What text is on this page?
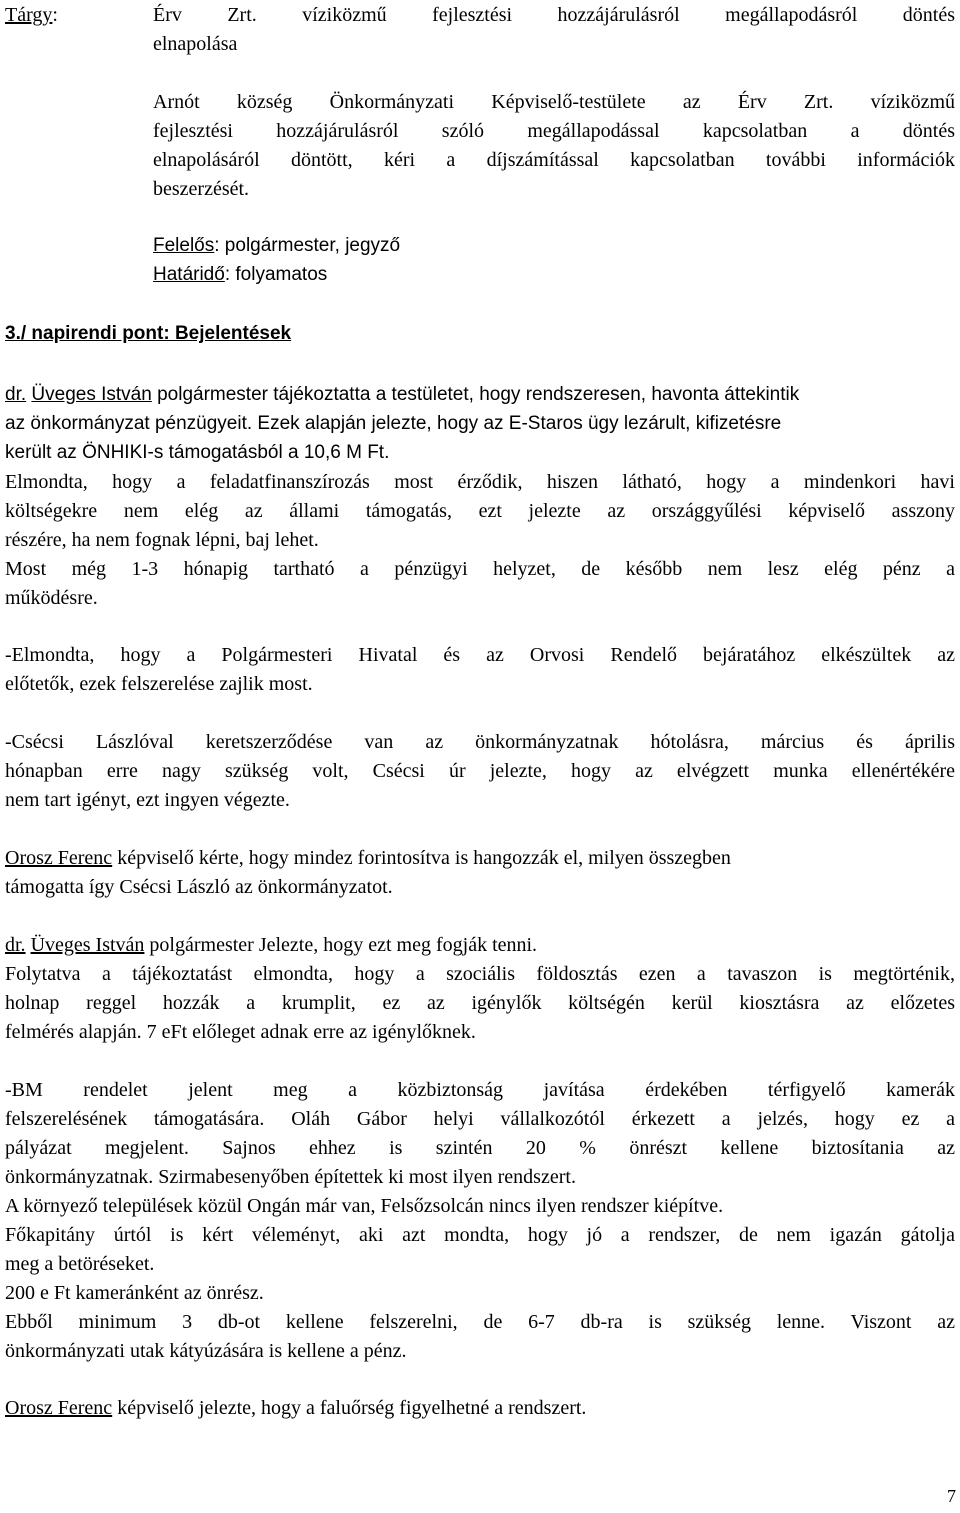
Tárgy:	Érv Zrt. víziközmű fejlesztési hozzájárulásról megállapodásról döntés
elnapolása
Arnót község Önkormányzati Képviselő-testülete az Érv Zrt. víziközmű
fejlesztési hozzájárulásról szóló megállapodással kapcsolatban a döntés
elnapolásáról döntött, kéri a díjszámítással kapcsolatban további információk
beszerzését.
Felelős: polgármester, jegyző
Határidő: folyamatos
3./ napirendi pont: Bejelentések
dr. Üveges István polgármester tájékoztatta a testületet, hogy rendszeresen, havonta áttekintik
az önkormányzat pénzügyeit. Ezek alapján jelezte, hogy az E-Staros ügy lezárult, kifizetésre
került az ÖNHIKI-s támogatásból a 10,6 M Ft.
Elmondta, hogy a feladatfinanszírozás most érződik, hiszen látható, hogy a mindenkori havi
költségekre nem elég az állami támogatás, ezt jelezte az országgyűlési képviselő asszony
részére, ha nem fognak lépni, baj lehet.
Most még 1-3 hónapig tartható a pénzügyi helyzet, de később nem lesz elég pénz a
működésre.
-Elmondta, hogy a Polgármesteri Hivatal és az Orvosi Rendelő bejáratához elkészültek az
előtetők, ezek felszerelése zajlik most.
-Csécsi Lászlóval keretszerződése van az önkormányzatnak hótolásra, március és április
hónapban erre nagy szükség volt, Csécsi úr jelezte, hogy az elvégzett munka ellenértékére
nem tart igényt, ezt ingyen végezte.
Orosz Ferenc képviselő kérte, hogy mindez forintosítva is hangozzák el, milyen összegben
támogatta így Csécsi László az önkormányzatot.
dr. Üveges István polgármester Jelezte, hogy ezt meg fogják tenni.
Folytatva a tájékoztatást elmondta, hogy a szociális földosztás ezen a tavaszon is megtörténik,
holnap reggel hozzák a krumplit, ez az igénylők költségén kerül kiosztásra az előzetes
felmérés alapján. 7 eFt előleget adnak erre az igénylőknek.
-BM rendelet jelent meg a közbiztonság javítása érdekében térfigyelő kamerák
felszerelésének támogatására. Oláh Gábor helyi vállalkozótól érkezett a jelzés, hogy ez a
pályázat megjelent. Sajnos ehhez is szintén 20 % önrészt kellene biztosítania az
önkormányzatnak. Szirmabesenyőben építettek ki most ilyen rendszert.
A környező települések közül Ongán már van, Felsőzsolcán nincs ilyen rendszer kiépítve.
Főkapitány úrtól is kért véleményt, aki azt mondta, hogy jó a rendszer, de nem igazán gátolja
meg a betöréseket.
200 e Ft kameránként az önrész.
Ebből minimum 3 db-ot kellene felszerelni, de 6-7 db-ra is szükség lenne. Viszont az
önkormányzati utak kátyúzására is kellene a pénz.
Orosz Ferenc képviselő jelezte, hogy a faluőrség figyelhetné a rendszert.
7
